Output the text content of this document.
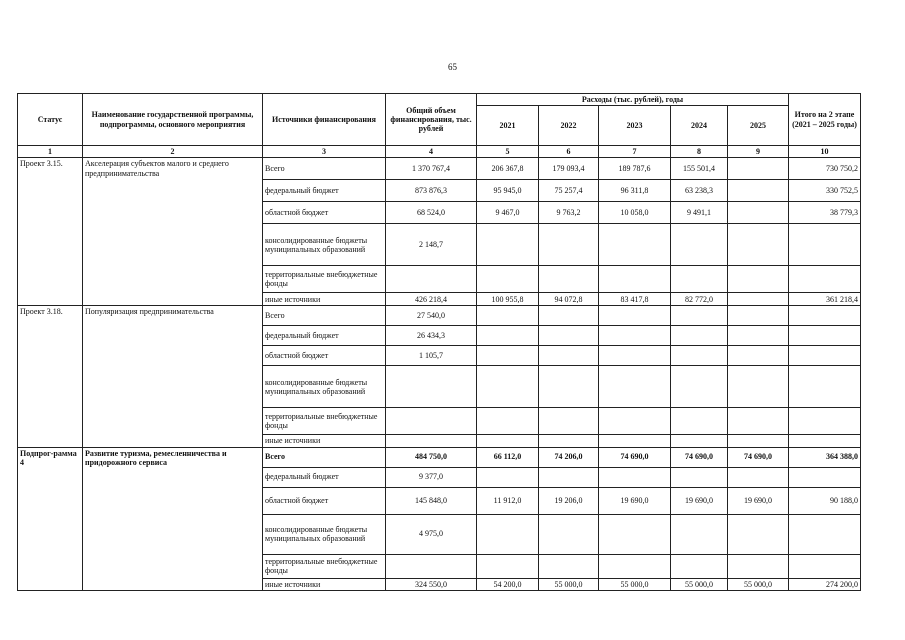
65
Статус	Наименование государственной программы, подпрограммы, основного мероприятия	Источники финансирования	Общий объем финансирования, тыс. рублей	Расходы (тыс. рублей), годы					Итого на 2 этапе (2021 – 2025 годы)
				2021	2022	2023	2024	2025	
1	2	3	4	5	6	7	8	9	10
Проект 3.15.	Акселерация субъектов малого и среднего предпринимательства	Всего	1 370 767,4	206 367,8	179 093,4	189 787,6	155 501,4		730 750,2
		федеральный бюджет	873 876,3	95 945,0	75 257,4	96 311,8	63 238,3		330 752,5
		областной бюджет	68 524,0	9 467,0	9 763,2	10 058,0	9 491,1		38 779,3
		консолидированные бюджеты муниципальных образований	2 148,7						
		территориальные внебюджетные фонды							
		иные источники	426 218,4	100 955,8	94 072,8	83 417,8	82 772,0		361 218,4
Проект 3.18.	Популяризация предпринимательства	Всего	27 540,0						
		федеральный бюджет	26 434,3						
		областной бюджет	1 105,7						
		консолидированные бюджеты муниципальных образований							
		территориальные внебюджетные фонды							
		иные источники							
Подпрог-рамма 4	Развитие туризма, ремесленничества и придорожного сервиса	Всего	484 750,0	66 112,0	74 206,0	74 690,0	74 690,0	74 690,0	364 388,0
		федеральный бюджет	9 377,0						
		областной бюджет	145 848,0	11 912,0	19 206,0	19 690,0	19 690,0	19 690,0	90 188,0
		консолидированные бюджеты муниципальных образований	4 975,0						
		территориальные внебюджетные фонды							
		иные источники	324 550,0	54 200,0	55 000,0	55 000,0	55 000,0	55 000,0	274 200,0
